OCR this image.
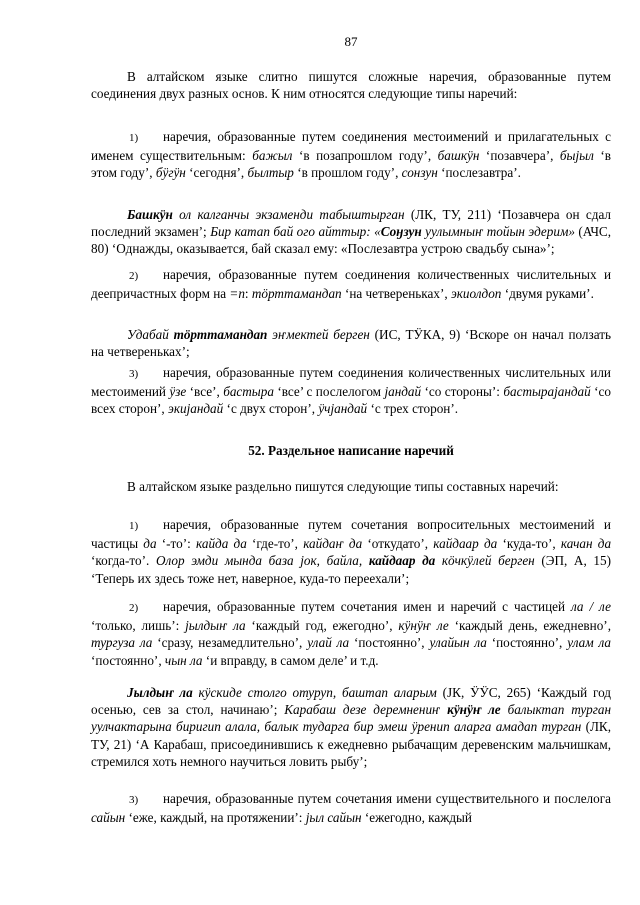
87

В алтайском языке слитно пишутся сложные наречия, образованные путем соединения двух разных основ. К ним относятся следующие типы наречий:

1) наречия, образованные путем соединения местоимений и прилагательных с именем существительным: бажыл ‘в позапрошлом году’, башкӱн ‘позавчера’, быјыл ‘в этом году’, бӱгӱн ‘сегодня’, былтыр ‘в прошлом году’, сонзун ‘послезавтра’.

Башкӱн ол калганчы экзаменди табыштырган (ЛК, ТУ, 211) ‘Позавчера он сдал последний экзамен’; Бир катап бай ого айттыр: «Соӈзун уулымныҥ тойын эдерим» (АЧС, 80) ‘Однажды, оказывается, бай сказал ему: «Послезавтра устрою свадьбу сына»’;

2) наречия, образованные путем соединения количественных числительных и деепричастных форм на =п: тӧрттамандап ‘на четвереньках’, экиолдоп ‘двумя руками’.

Удабай тӧрттамандап эҥмектей берген (ИС, ТӰКА, 9) ‘Вскоре он начал ползать на четвереньках’;

3) наречия, образованные путем соединения количественных числительных или местоимений ӱзе ‘все’, бастыра ‘все’ с послелогом јандай ‘со стороны’: бастыраjандай ‘со всех сторон’, экијандай ‘с двух сторон’, ӱчјандай ‘с трех сторон’.

52. Раздельное написание наречий

В алтайском языке раздельно пишутся следующие типы составных наречий:

1) наречия, образованные путем сочетания вопросительных местоимений и частицы да ‘-то’: кайда да ‘где-то’, кайдаҥ да ‘откудато’, кайдаар да ‘куда-то’, качан да ‘когда-то’. Олор эмди мында база јок, байла, кайдаар да кӧчкӱлей берген (ЭП, А, 15) ‘Теперь их здесь тоже нет, наверное, куда-то переехали’;

2) наречия, образованные путем сочетания имен и наречий с частицей ла / ле ‘только, лишь’: јылдыҥ ла ‘каждый год, ежегодно’, кӱнӱҥ ле ‘каждый день, ежедневно’, тургуза ла ‘сразу, незамедлительно’, улай ла ‘постоянно’, улайын ла ‘постоянно’, улам ла ‘постоянно’, чын ла ‘и вправду, в самом деле’ и т.д.

Јылдыҥ ла кӱскиде столго отуруп, баштап аларым (ЈК, ӰӰС, 265) ‘Каждый год осенью, сев за стол, начинаю’; Карабаш дезе деремнениҥ кӱнӱҥ ле балыктап турган уулчактарына биригип алала, балык тударга бир эмеш ӱренип аларга амадап турган (ЛК, ТУ, 21) ‘А Карабаш, присоединившись к ежедневно рыбачащим деревенским мальчишкам, стремился хоть немного научиться ловить рыбу’;

3) наречия, образованные путем сочетания имени существительного и послелога сайын ‘еже, каждый, на протяжении’: јыл сайын ‘ежегодно, каждый
